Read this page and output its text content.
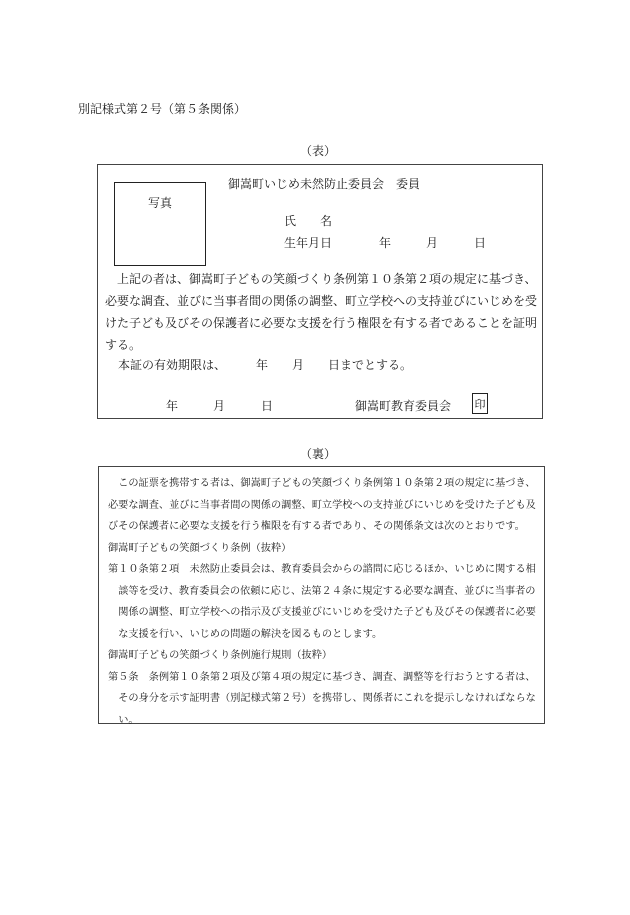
別記様式第２号（第５条関係）
（表）
写真
御嵩町いじめ未然防止委員会　委員
氏　　名
生年月日	年	月	日

上記の者は、御嵩町子どもの笑顔づくり条例第１０条第２項の規定に基づき、必要な調査、並びに当事者間の関係の調整、町立学校への支持並びにいじめを受けた子ども及びその保護者に必要な支援を行う権限を有する者であることを証明する。

本証の有効期限は、　　　年　　月　　日までとする。
年	月	日	御嵩町教育委員会 印
（裏）

この証票を携帯する者は、御嵩町子どもの笑顔づくり条例第１０条第２項の規定に基づき、必要な調査、並びに当事者間の関係の調整、町立学校への支持並びにいじめを受けた子ども及びその保護者に必要な支援を行う権限を有する者であり、その関係条文は次のとおりです。

御嵩町子どもの笑顔づくり条例（抜粋）

第１０条第２項　未然防止委員会は、教育委員会からの諮問に応じるほか、いじめに関する相談等を受け、教育委員会の依頼に応じ、法第２４条に規定する必要な調査、並びに当事者の関係の調整、町立学校への指示及び支援並びにいじめを受けた子ども及びその保護者に必要な支援を行い、いじめの問題の解決を図るものとします。

御嵩町子どもの笑顔づくり条例施行規則（抜粋）

第５条　条例第１０条第２項及び第４項の規定に基づき、調査、調整等を行おうとする者は、その身分を示す証明書（別記様式第２号）を携帯し、関係者にこれを提示しなければならない。
